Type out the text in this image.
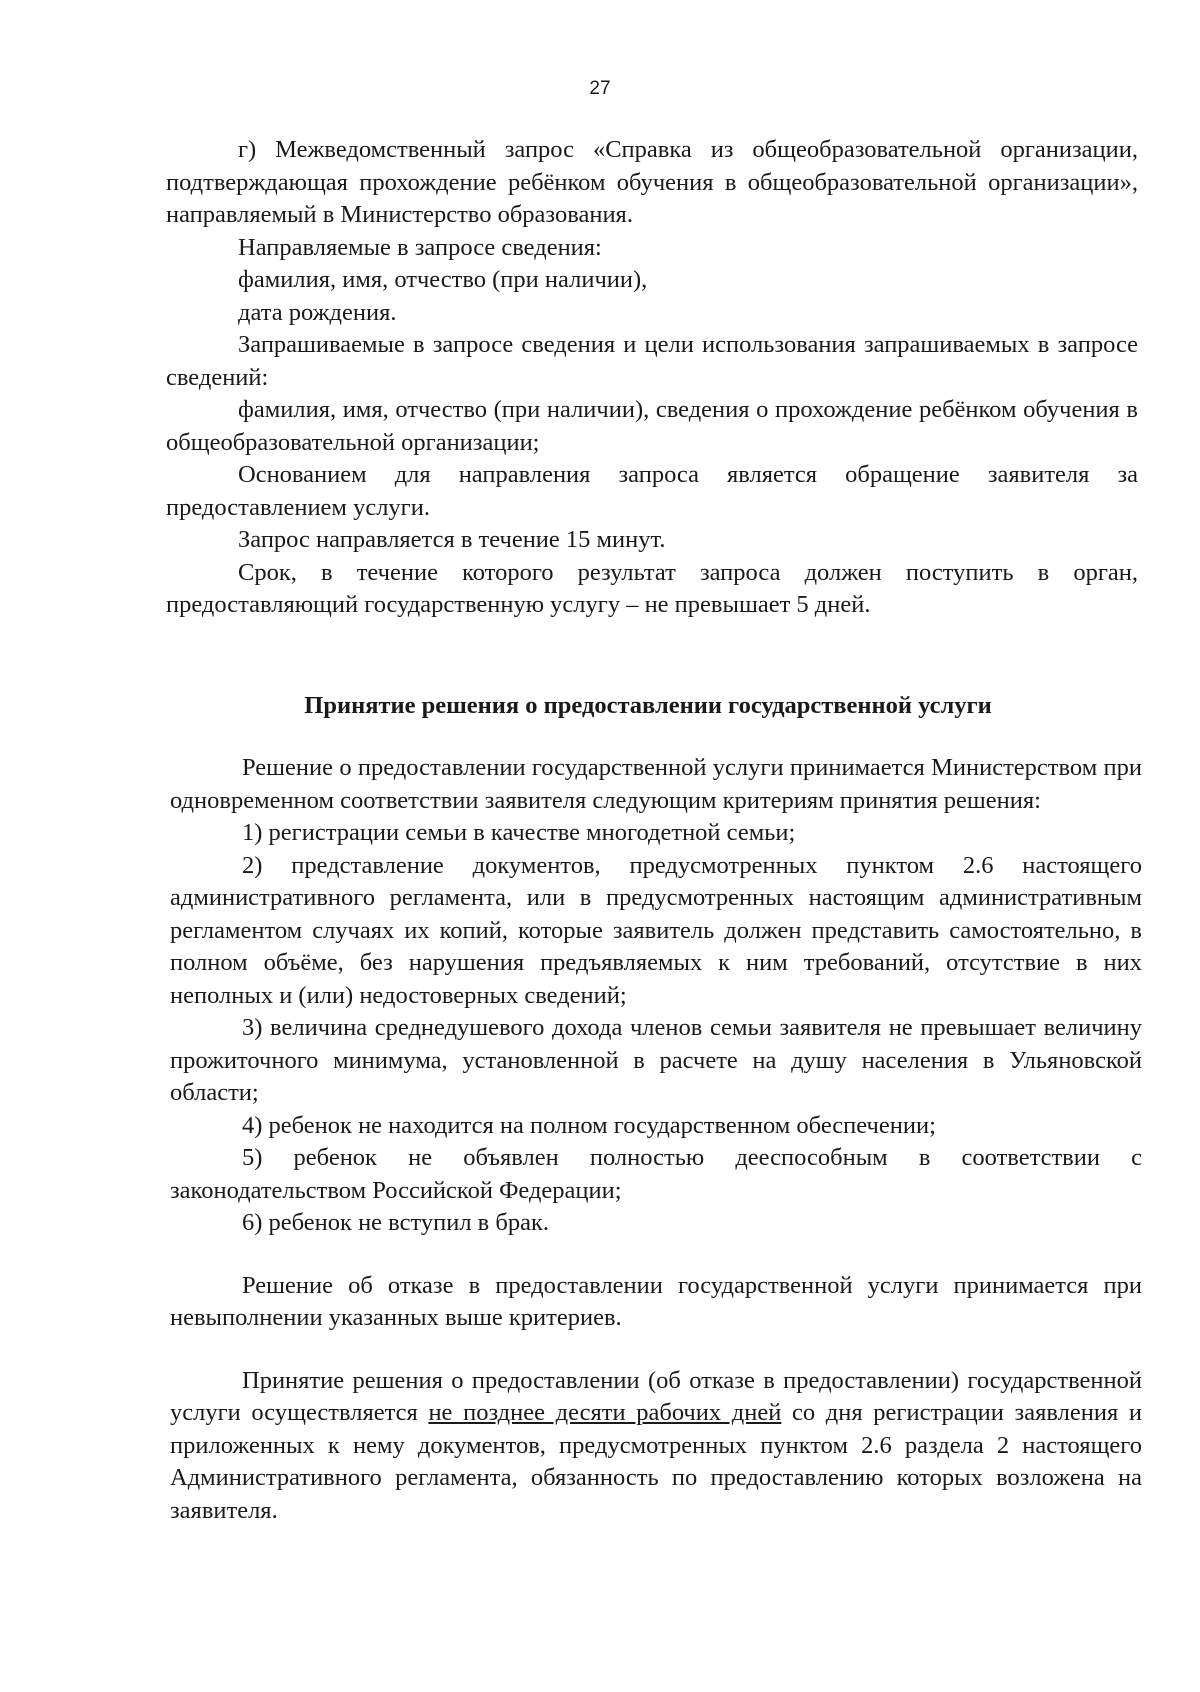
27

г) Межведомственный запрос «Справка из общеобразовательной организации, подтверждающая прохождение ребёнком обучения в общеобразовательной организации», направляемый в Министерство образования.

Направляемые в запросе сведения:

фамилия, имя, отчество (при наличии),

дата рождения.

Запрашиваемые в запросе сведения и цели использования запрашиваемых в запросе сведений:

фамилия, имя, отчество (при наличии), сведения о прохождение ребёнком обучения в общеобразовательной организации;

Основанием для направления запроса является обращение заявителя за предоставлением услуги.

Запрос направляется в течение 15 минут.

Срок, в течение которого результат запроса должен поступить в орган, предоставляющий государственную услугу – не превышает 5 дней.

Принятие решения о предоставлении государственной услуги

Решение о предоставлении государственной услуги принимается Министерством при одновременном соответствии заявителя следующим критериям принятия решения:

1) регистрации семьи в качестве многодетной семьи;

2) представление документов, предусмотренных пунктом 2.6 настоящего административного регламента, или в предусмотренных настоящим административным регламентом случаях их копий, которые заявитель должен представить самостоятельно, в полном объёме, без нарушения предъявляемых к ним требований, отсутствие в них неполных и (или) недостоверных сведений;

3) величина среднедушевого дохода членов семьи заявителя не превышает величину прожиточного минимума, установленной в расчете на душу населения в Ульяновской области;

4) ребенок не находится на полном государственном обеспечении;

5) ребенок не объявлен полностью дееспособным в соответствии с законодательством Российской Федерации;

6) ребенок не вступил в брак.

Решение об отказе в предоставлении государственной услуги принимается при невыполнении указанных выше критериев.

Принятие решения о предоставлении (об отказе в предоставлении) государственной услуги осуществляется не позднее десяти рабочих дней со дня регистрации заявления и приложенных к нему документов, предусмотренных пунктом 2.6 раздела 2 настоящего Административного регламента, обязанность по предоставлению которых возложена на заявителя.
